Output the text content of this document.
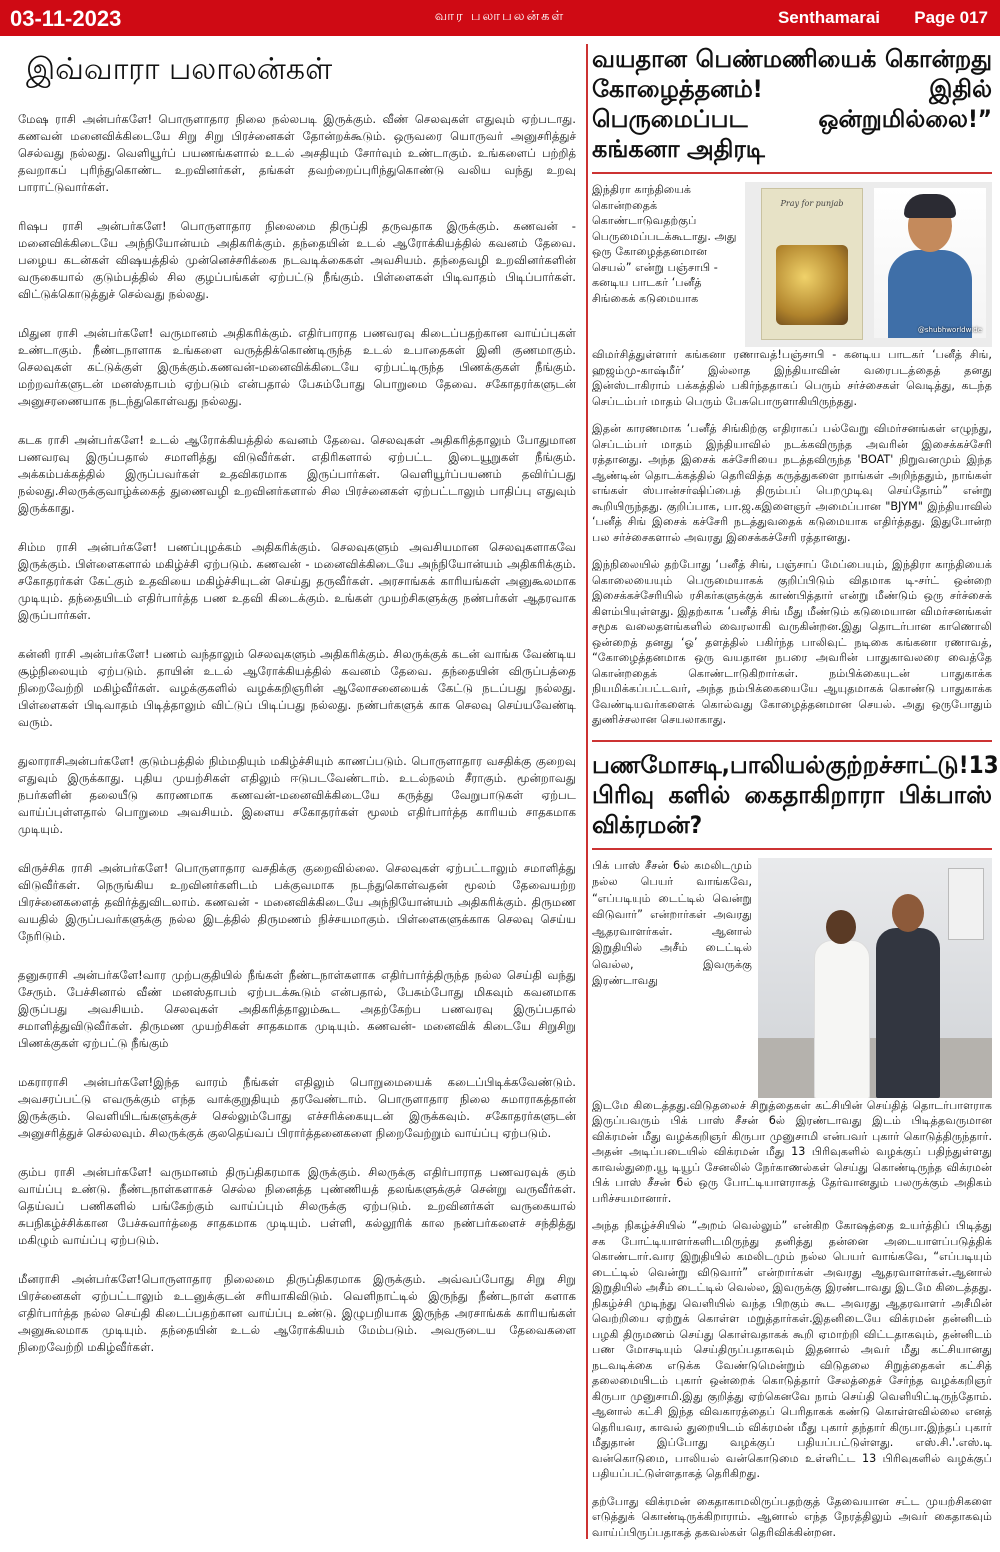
03-11-2023	வார பலாபலன்கள்	Senthamarai Page 017
இவ்வாரா பலாலன்கள்

மேஷ ராசி அன்பர்களே! பொருளாதார நிலை நல்லபடி இருக்கும். வீண் செலவுகள் எதுவும் ஏற்படாது. கணவன் மனைவிக்கிடையே சிறு சிறு பிரச்னைகள் தோன்றக்கூடும். ஒருவரை யொருவர் அனுசரித்துச் செல்வது நல்லது. வெளியூர்ப் பயணங்களால் உடல் அசதியும் சோர்வும் உண்டாகும். உங்களைப் பற்றித் தவறாகப் புரிந்துகொண்ட உறவினர்கள், தங்கள் தவற்றைப்புரிந்துகொண்டு வலிய வந்து உறவு பாராட்டுவார்கள்.

ரிஷப ராசி அன்பர்களே! பொருளாதார நிலைமை திருப்தி தருவதாக இருக்கும். கணவன் - மனைவிக்கிடையே அந்நியோன்யம் அதிகரிக்கும். தந்தையின் உடல் ஆரோக்கியத்தில் கவனம் தேவை. பழைய கடன்கள் விஷயத்தில் முன்னெச்சரிக்கை நடவடிக்கைகள் அவசியம். தந்தைவழி உறவினர்களின் வருகையால் குடும்பத்தில் சில குழப்பங்கள் ஏற்பட்டு நீங்கும். பிள்ளைகள் பிடிவாதம் பிடிப்பார்கள். விட்டுக்கொடுத்துச் செல்வது நல்லது.

மிதுன ராசி அன்பர்களே! வருமானம் அதிகரிக்கும். எதிர்பாராத பணவரவு கிடைப்பதற்கான வாய்ப்புகள் உண்டாகும். நீண்டநாளாக உங்களை வருத்திக்கொண்டிருந்த உடல் உபாதைகள் இனி குணமாகும். செலவுகள் கட்டுக்குள் இருக்கும்.கணவன்-மனைவிக்கிடையே ஏற்பட்டிருந்த பிணக்குகள் நீங்கும். மற்றவர்களுடன் மனஸ்தாபம் ஏற்படும் என்பதால் பேசும்போது பொறுமை தேவை. சகோதரர்களுடன் அனுசரணையாக நடந்துகொள்வது நல்லது.

கடக ராசி அன்பர்களே! உடல் ஆரோக்கியத்தில் கவனம் தேவை. செலவுகள் அதிகரித்தாலும் போதுமான பணவரவு இருப்பதால் சமாளித்து விடுவீர்கள். எதிரிகளால் ஏற்பட்ட இடையூறுகள் நீங்கும். அக்கம்பக்கத்தில் இருப்பவர்கள் உதவிகரமாக இருப்பார்கள். வெளியூர்ப்பயணம் தவிர்ப்பது நல்லது.சிலருக்குவாழ்க்கைத் துணைவழி உறவினர்களால் சில பிரச்னைகள் ஏற்பட்டாலும் பாதிப்பு எதுவும் இருக்காது.

சிம்ம ராசி அன்பர்களே! பணப்புழக்கம் அதிகரிக்கும். செலவுகளும் அவசியமான செலவுகளாகவே இருக்கும். பிள்ளைகளால் மகிழ்ச்சி ஏற்படும். கணவன் - மனைவிக்கிடையே அந்நியோன்யம் அதிகரிக்கும். சகோதரர்கள் கேட்கும் உதவியை மகிழ்ச்சியுடன் செய்து தருவீர்கள். அரசாங்கக் காரியங்கள் அனுகூலமாக முடியும். தந்தையிடம் எதிர்பார்த்த பண உதவி கிடைக்கும். உங்கள் முயற்சிகளுக்கு நண்பர்கள் ஆதரவாக இருப்பார்கள்.

கன்னி ராசி அன்பர்களே! பணம் வந்தாலும் செலவுகளும் அதிகரிக்கும். சிலருக்குக் கடன் வாங்க வேண்டிய சூழ்நிலையும் ஏற்படும். தாயின் உடல் ஆரோக்கியத்தில் கவனம் தேவை. தந்தையின் விருப்பத்தை நிறைவேற்றி மகிழ்வீர்கள். வழக்குகளில் வழக்கறிஞரின் ஆலோசனையைக் கேட்டு நடப்பது நல்லது. பிள்ளைகள் பிடிவாதம் பிடித்தாலும் விட்டுப் பிடிப்பது நல்லது. நண்பர்களுக் காக செலவு செய்யவேண்டி வரும்.

துலாராசிஅன்பர்களே! குடும்பத்தில் நிம்மதியும் மகிழ்ச்சியும் காணப்படும். பொருளாதார வசதிக்கு குறைவு எதுவும் இருக்காது. புதிய முயற்சிகள் எதிலும் ஈடுபடவேண்டாம். உடல்நலம் சீராகும். மூன்றாவது நபர்களின் தலையீடு காரணமாக கணவன்-மனைவிக்கிடையே கருத்து வேறுபாடுகள் ஏற்பட வாய்ப்புள்ளதால் பொறுமை அவசியம். இளைய சகோதரர்கள் மூலம் எதிர்பார்த்த காரியம் சாதகமாக முடியும்.

விருச்சிக ராசி அன்பர்களே! பொருளாதார வசதிக்கு குறைவில்லை. செலவுகள் ஏற்பட்டாலும் சமாளித்து விடுவீர்கள். நெருங்கிய உறவினர்களிடம் பக்குவமாக நடந்துகொள்வதன் மூலம் தேவையற்ற பிரச்னைகளைத் தவிர்த்துவிடலாம். கணவன் - மனைவிக்கிடையே அந்நியோன்யம் அதிகரிக்கும். திருமண வயதில் இருப்பவர்களுக்கு நல்ல இடத்தில் திருமணம் நிச்சயமாகும். பிள்ளைகளுக்காக செலவு செய்ய நேரிடும்.

தனுசுராசி அன்பர்களே!வார முற்பகுதியில் நீங்கள் நீண்டநாள்களாக எதிர்பார்த்திருந்த நல்ல செய்தி வந்து சேரும். பேச்சினால் வீண் மனஸ்தாபம் ஏற்படக்கூடும் என்பதால், பேசும்போது மிகவும் கவனமாக இருப்பது அவசியம். செலவுகள் அதிகரித்தாலும்கூட அதற்கேற்ப பணவரவு இருப்பதால் சமாளித்துவிடுவீர்கள். திருமண முயற்சிகள் சாதகமாக முடியும். கணவன்- மனைவிக் கிடையே சிறுசிறு பிணக்குகள் ஏற்பட்டு நீங்கும்

மகராராசி அன்பர்களே!இந்த வாரம் நீங்கள் எதிலும் பொறுமையைக் கடைப்பிடிக்கவேண்டும். அவசரப்பட்டு எவருக்கும் எந்த வாக்குறுதியும் தரவேண்டாம். பொருளாதார நிலை சுமாராகத்தான் இருக்கும். வெளியிடங்களுக்குச் செல்லும்போது எச்சரிக்கையுடன் இருக்கவும். சகோதரர்களுடன் அனுசரித்துச் செல்லவும். சிலருக்குக் குலதெய்வப் பிரார்த்தனைகளை நிறைவேற்றும் வாய்ப்பு ஏற்படும்.

கும்ப ராசி அன்பர்களே! வருமானம் திருப்திகரமாக இருக்கும். சிலருக்கு எதிர்பாராத பணவரவுக் கும் வாய்ப்பு உண்டு. நீண்டநாள்களாகச் செல்ல நினைத்த புண்ணியத் தலங்களுக்குச் சென்று வருவீர்கள். தெய்வப் பணிகளில் பங்கேற்கும் வாய்ப்பும் சிலருக்கு ஏற்படும். உறவினர்கள் வருகையால் சுபநிகழ்ச்சிக்கான பேச்சுவார்த்தை சாதகமாக முடியும். பள்ளி, கல்லூரிக் கால நண்பர்களைச் சந்தித்து மகிழும் வாய்ப்பு ஏற்படும்.

மீனராசி அன்பர்களே!பொருளாதார நிலைமை திருப்திகரமாக இருக்கும். அவ்வப்போது சிறு சிறு பிரச்னைகள் ஏற்பட்டாலும் உடனுக்குடன் சரியாகிவிடும். வெளிநாட்டில் இருந்து நீண்டநாள் களாக எதிர்பார்த்த நல்ல செய்தி கிடைப்பதற்கான வாய்ப்பு உண்டு. இழுபறியாக இருந்த அரசாங்கக் காரியங்கள் அனுகூலமாக முடியும். தந்தையின் உடல் ஆரோக்கியம் மேம்படும். அவருடைய தேவைகளை நிறைவேற்றி மகிழ்வீர்கள்.

வயதான பெண்மணியைக் கொன்றது கோழைத்தனம்! இதில் பெருமைப்பட ஒன்றுமில்லை!” கங்கனா அதிரடி
இந்திரா காந்தியைக் கொன்றதைக் கொண்டாடுவதற்குப் பெருமைப்படக்கூடாது. அது ஒரு கோழைத்தனமான செயல்” என்று பஞ்சாபி - கனடிய பாடகர் ‘பனீத் சிங்கைக் கடுமையாக
Pray for punjab
@shubhworldwide

விமர்சித்துள்ளார் கங்கனா ரணாவத்!பஞ்சாபி - கனடிய பாடகர் ‘பனீத் சிங், ஹஜம்மு-காஷ்மீர்’ இல்லாத இந்தியாவின் வரைபடத்தைத் தனது இன்ஸ்டாகிராம் பக்கத்தில் பகிர்ந்ததாகப் பெரும் சர்ச்சைகள் வெடித்து, கடந்த செப்டம்பர் மாதம் பெரும் பேசுபொருளாகியிருந்தது.

இதன் காரணமாக ‘பனீத் சிங்கிற்கு எதிராகப் பல்வேறு விமர்சனங்கள் எழுந்து, செப்டம்பர் மாதம் இந்தியாவில் நடக்கவிருந்த அவரின் இசைக்கச்சேரி ரத்தானது. அந்த இசைக் கச்சேரியை நடத்தவிருந்த 'BOAT' நிறுவனமும் இந்த ஆண்டின் தொடக்கத்தில் தெரிவித்த கருத்துகளை நாங்கள் அறிந்ததும், நாங்கள் எங்கள் ஸ்பான்சர்ஷிப்பைத் திரும்பப் பெறமுடிவு செய்தோம்” என்று கூறியிருந்தது. குறிப்பாக, பா.ஜ.கஇளைஞர் அமைப்பான "BJYM" இந்தியாவில் ‘பனீத் சிங் இசைக் கச்சேரி நடத்துவதைக் கடுமையாக எதிர்த்தது. இதுபோன்ற பல சர்ச்சைகளால் அவரது இசைக்கச்சேரி ரத்தானது.

இந்நிலையில் தற்போது ‘பனீத் சிங், பஞ்சாப் மேப்பையும், இந்திரா காந்தியைக் கொலையையும் பெருமையாகக் குறிப்பிடும் விதமாக டி-சர்ட் ஒன்றை இசைக்கச்சேரியில் ரசிகர்களுக்குக் காண்பித்தார் என்று மீண்டும் ஒரு சர்ச்சைக் கிளம்பியுள்ளது. இதற்காக ‘பனீத் சிங் மீது மீண்டும் கடுமையான விமர்சனங்கள் சமூக வலைதளங்களில் வைரலாகி வருகின்றன.இது தொடர்பான காணொலி ஒன்றைத் தனது ‘ஓ’ தளத்தில் பகிர்ந்த பாலிவுட் நடிகை கங்கனா ரணாவத், “கோழைத்தனமாக ஒரு வயதான நபரை அவரின் பாதுகாவலரை வைத்தே கொன்றதைக் கொண்டாடுகிறார்கள். நம்பிக்கையுடன் பாதுகாக்க நியமிக்கப்பட்டவர், அந்த நம்பிக்கையையே ஆயுதமாகக் கொண்டு பாதுகாக்க வேண்டியவர்களைக் கொல்வது கோழைத்தனமான செயல். அது ஒருபோதும் துணிச்சலான செயலாகாது.

பணமோசடி,பாலியல்குற்றச்சாட்டு!13 பிரிவு களில் கைதாகிறாரா பிக்பாஸ் விக்ரமன்?
பிக் பாஸ் சீசன் 6ல் கமலிடமும் நல்ல பெயர் வாங்கவே, “எப்படியும் டைட்டில் வென்று விடுவார்” என்றார்கள் அவரது ஆதரவாளர்கள். ஆனால் இறுதியில் அசீம் டைட்டில் வெல்ல, இவருக்கு இரண்டாவது

இடமே கிடைத்தது.விடுதலைச் சிறுத்தைகள் கட்சியின் செய்தித் தொடர்பாளராக இருப்பவரும் பிக் பாஸ் சீசன் 6ல் இரண்டாவது இடம் பிடித்தவருமான விக்ரமன் மீது வழக்கறிஞர் கிருபா முனுசாமி என்பவர் புகார் கொடுத்திருந்தார். அதன் அடிப்படையில் விக்ரமன் மீது 13 பிரிவுகளில் வழக்குப் பதிந்துள்ளது காவல்துறை.யூ டியூப் சேனலில் நேர்காணல்கள் செய்து கொண்டிருந்த விக்ரமன் பிக் பாஸ் சீசன் 6ல் ஒரு போட்டியாளராகத் தேர்வானதும் பலருக்கும் அதிகம் பரிச்சயமானார்.

அந்த நிகழ்ச்சியில் “அறம் வெல்லும்” என்கிற கோஷத்தை உயர்த்திப் பிடித்து சக போட்டியாளர்களிடமிருந்து தனித்து தன்னை அடையாளப்படுத்திக் கொண்டார்.வார இறுதியில் கமலிடமும் நல்ல பெயர் வாங்கவே, “எப்படியும் டைட்டில் வென்று விடுவார்” என்றார்கள் அவரது ஆதரவாளர்கள்.ஆனால் இறுதியில் அசீம் டைட்டில் வெல்ல, இவருக்கு இரண்டாவது இடமே கிடைத்தது. நிகழ்ச்சி முடிந்து வெளியில் வந்த பிறகும் கூட அவரது ஆதரவாளர் அசீமின் வெற்றியை ஏற்றுக் கொள்ள மறுத்தார்கள்.இதனிடையே விக்ரமன் தன்னிடம் பழகி திருமணம் செய்து கொள்வதாகக் கூறி ஏமாற்றி விட்டதாகவும், தன்னிடம் பண மோசடியும் செய்திருப்பதாகவும் இதனால் அவர் மீது கட்சியானது நடவடிக்கை எடுக்க வேண்டுமென்றும் விடுதலை சிறுத்தைகள் கட்சித் தலைமையிடம் புகார் ஒன்றைக் கொடுத்தார் சேலத்தைச் சேர்ந்த வழக்கறிஞர் கிருபா முனுசாமி.இது குறித்து ஏற்கெனவே நாம் செய்தி வெளியிட்டிருந்தோம். ஆனால் கட்சி இந்த விவகாரத்தைப் பெரிதாகக் கண்டு கொள்ளவில்லை எனத் தெரியவர, காவல் துறையிடம் விக்ரமன் மீது புகார் தந்தார் கிருபா.இந்தப் புகார் மீதுதான் இப்போது வழக்குப் பதியப்பட்டுள்ளது. எஸ்.சி.'.எஸ்.டி வன்கொடுமை, பாலியல் வன்கொடுமை உள்ளிட்ட 13 பிரிவுகளில் வழக்குப் பதியப்பட்டுள்ளதாகத் தெரிகிறது.

தற்போது விக்ரமன் கைதாகாமலிருப்பதற்குத் தேவையான சட்ட முயற்சிகளை எடுத்துக் கொண்டிருக்கிறாராம். ஆனால் எந்த நேரத்திலும் அவர் கைதாகவும் வாய்ப்பிருப்பதாகத் தகவல்கள் தெரிவிக்கின்றன.
